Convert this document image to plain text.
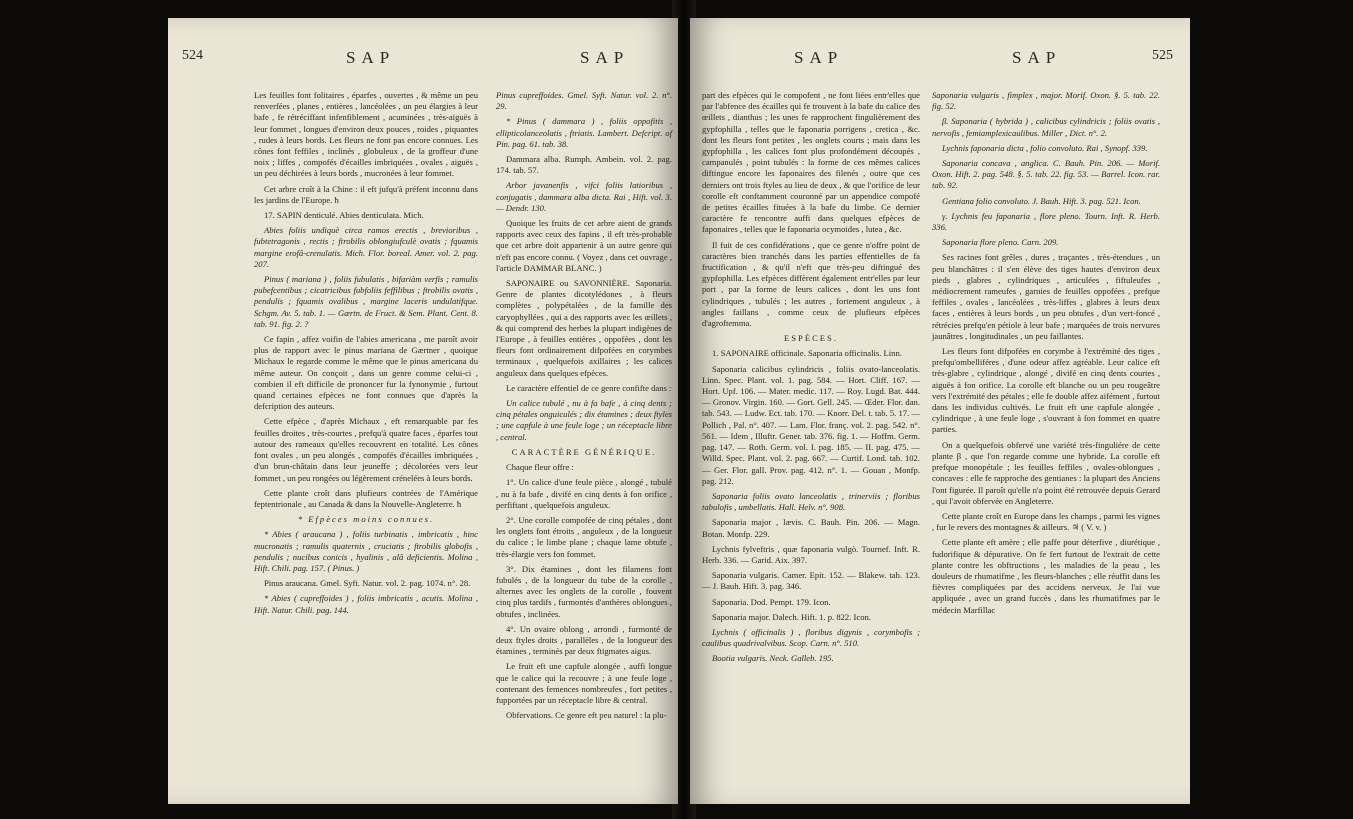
524	SAP	SAP

Les feuilles font folitaires , éparfes , ouvertes , & même un peu renverfées , planes , entières , lancéolées , un peu élargies à leur bafe , fe rétréciffant infenfiblement , acuminées , très-aiguës à leur fommet , longues d'environ deux pouces , roides , piquantes , rudes à leurs bords. Les fleurs ne font pas encore connues. Les cônes font feffiles , inclinés , globuleux , de la groffeur d'une noix ; liffes , compofés d'écailles imbriquées , ovales , aiguës , un peu déchirées à leurs bords , mucronées à leur fommet.

Cet arbre croît à la Chine : il eft jufqu'à préfent inconnu dans les jardins de l'Europe. ħ

17. SAPIN denticulé. Abies denticulata. Mich.

Abies foliis undiquè circa ramos erectis , brevioribus , fubtetragonis , rectis ; ftrobilis oblongiufculè ovatis ; fquamis margine erofâ-crenulatis. Mich. Flor. boreal. Amer. vol. 2. pag. 207.

Pinus ( mariana ) , foliis fubulatis , bifariàm verfis ; ramulis pubefcentibus ; cicatricibus fubfoliis feffilibus ; ftrobilis ovatis , pendulis ; fquamis ovalibus , margine laceris undulatifque. Schgm. Av. 5. tab. 1. — Gærtn. de Fruct. & Sem. Plant. Cent. 8. tab. 91. fig. 2. ?

Ce fapin , affez voifin de l'abies americana , me paroît avoir plus de rapport avec le pinus mariana de Gærtner , quoique Michaux le regarde comme le même que le pinus americana du même auteur. On conçoit , dans un genre comme celui-ci , combien il eft difficile de prononcer fur la fynonymie , furtout quand certaines efpèces ne font connues que d'après la defcription des auteurs.

Cette efpèce , d'après Michaux , eft remarquable par fes feuilles droites , très-courtes , prefqu'à quatre faces , éparfes tout autour des rameaux qu'elles recouvrent en totalité. Les cônes font ovales , un peu alongés , compofés d'écailles imbriquées , d'un brun-châtain dans leur jeuneffe ; décolorées vers leur fommet , un peu rongées ou légèrement crénelées à leurs bords.

Cette plante croît dans plufieurs contrées de l'Amérique feptentrionale , au Canada & dans la Nouvelle-Angleterre. ħ

* Efpèces moins connues.

* Abies ( araucana ) , foliis turbinatis , imbricatis , hinc mucronatis ; ramulis quaternis , cruciatis ; ftrobilis globofis , pendulis ; nucibus conicis , hyalinis , alâ deficientis. Molina , Hift. Chili. pag. 157. ( Pinus. )

Pinus araucana. Gmel. Syft. Natur. vol. 2. pag. 1074. n°. 28.

* Abies ( cupreffoides ) , foliis imbricatis , acutis. Molina , Hift. Natur. Chili. pag. 144.

Pinus cupreffoides. Gmel. Syft. Natur. vol. 2. n°. 29.

* Pinus ( dammara ) , foliis oppofitis , ellipticolanceolatis , ftriatis. Lambert. Defcript. of Pin. pag. 61. tab. 38.

Dammara alba. Rumph. Ambein. vol. 2. pag. 174. tab. 57.

Arbor javanenfis , vifci foliis latioribus , conjugatis , dammara alba dicta. Rai , Hift. vol. 3. — Dendr. 130.

Quoique les fruits de cet arbre aient de grands rapports avec ceux des fapins , il eft très-probable que cet arbre doit appartenir à un autre genre qui n'eft pas encore connu. ( Voyez , dans cet ouvrage , l'article DAMMAR BLANC. )

SAPONAIRE ou SAVONNIÈRE. Saponaria. Genre de plantes dicotylédones , à fleurs complètes , polypétalées , de la famille des caryophyllées , qui a des rapports avec les œillets , & qui comprend des herbes la plupart indigènes de l'Europe , à feuilles entières , oppofées , dont les fleurs font ordinairement difpofées en corymbes terminaux , quelquefois axillaires ; les calices anguleux dans quelques efpèces.

Le caractère effentiel de ce genre confifte dans :

Un calice tubulé , nu à fa bafe , à cinq dents ; cinq pétales onguiculés ; dix étamines ; deux ftyles ; une capfule à une feule loge ; un réceptacle libre , central.

CARACTÈRE GÉNÉRIQUE.

Chaque fleur offre :

1°. Un calice d'une feule pièce , alongé , tubulé , nu à fa bafe , divifé en cinq dents à fon orifice , perfiftant , quelquefois anguleux.

2°. Une corolle compofée de cinq pétales , dont les onglets font étroits , anguleux , de la longueur du calice ; le limbe plane ; chaque lame obtufe , très-élargie vers fon fommet.

3°. Dix étamines , dont les filamens font fubulés , de la longueur du tube de la corolle , alternes avec les onglets de la corolle , fouvent cinq plus tardifs , furmontés d'anthères oblongues , obtufes , inclinées.

4°. Un ovaire oblong , arrondi , furmonté de deux ftyles droits , parallèles , de la longueur des étamines , terminés par deux ftigmates aigus.

Le fruit eft une capfule alongée , auffi longue que le calice qui la recouvre ; à une feule loge , contenant des femences nombreufes , fort petites , fupportées par un réceptacle libre & central.

Obfervations. Ce genre eft peu naturel : la plu-

SAP	SAP	525

part des efpèces qui le compofent , ne font liées entr'elles que par l'abfence des écailles qui fe trouvent à la bafe du calice des œillets , dianthus ; les unes fe rapprochent fingulièrement des gypfophilla , telles que le faponaria porrigens , cretica , &c. dont les fleurs font petites , les onglets courts ; mais dans les gypfophilla , les calices font plus profondément découpés , campanulés , point tubulés : la forme de ces mêmes calices diftingue encore les faponaires des filenés , outre que ces derniers ont trois ftyles au lieu de deux , & que l'orifice de leur corolle eft conftamment couronné par un appendice compofé de petites écailles fituées à la bafe du limbe. Ce dernier caractère fe rencontre auffi dans quelques efpèces de faponaires , telles que le faponaria ocymoides , lutea , &c.

Il fuit de ces confidérations , que ce genre n'offre point de caractères bien tranchés dans les parties effentielles de fa fructification , & qu'il n'eft que très-peu diftingué des gypfophilla. Les efpèces diffèrent également entr'elles par leur port , par la forme de leurs calices , dont les uns font cylindriques , tubulés ; les autres , fortement anguleux , à angles faillans , comme ceux de plufieurs efpèces d'agroftemma.

ESPÈCES.

1. SAPONAIRE officinale. Saponaria officinalis. Linn.

Saponaria calicibus cylindricis , foliis ovato-lanceolatis. Linn. Spec. Plant. vol. 1. pag. 584. — Hort. Cliff. 167. — Hort. Upf. 106. — Mater. medic. 117. — Roy. Lugd. Bat. 444. — Gronov. Virgin. 160. — Gort. Gell. 245. — Œder. Flor. dan. tab. 543. — Ludw. Ect. tab. 170. — Knorr. Del. t. tab. 5. 17. — Pollich , Pal. n°. 407. — Lam. Flor. franç. vol. 2. pag. 542. n°. 561. — Idem , Illuftr. Gener. tab. 376. fig. 1. — Hoffm. Germ. pag. 147. — Roth. Germ. vol. I. pag. 185. — II. pag. 475. — Willd. Spec. Plant. vol. 2. pag. 667. — Curtif. Lond. tab. 102. — Ger. Flor. gall. Prov. pag. 412. n°. 1. — Gouan , Monfp. pag. 212.

Saponaria foliis ovato lanceolatis , trinerviis ; floribus tabulofis , umbellatis. Hall. Helv. n°. 908.

Saponaria major , lævis. C. Bauh. Pin. 206. — Magn. Botan. Monfp. 229.

Lychnis fylveftris , quæ faponaria vulgò. Tournef. Inft. R. Herb. 336. — Garid. Aix. 397.

Saponaria vulgaris. Camer. Epit. 152. — Blakew. tab. 123. — J. Bauh. Hift. 3. pag. 346.

Saponaria. Dod. Pempt. 179. Icon.

Saponaria major. Dalech. Hift. 1. p. 822. Icon.

Lychnis ( officinalis ) , floribus digynis , corymbofis ; caulibus quadrivalvibus. Scop. Carn. n°. 510.

Bootia vulgaris. Neck. Galleb. 195.

Saponaria vulgaris , fimplex , major. Morif. Oxon. §. 5. tab. 22. fig. 52.

β. Saponaria ( hybrida ) , calicibus cylindricis ; foliis ovatis , nervofis , femiamplexicaulibus. Miller , Dict. n°. 2.

Lychnis faponaria dicta , folio convoluto. Rai , Synopf. 339.

Saponaria concava , anglica. C. Bauh. Pin. 206. — Morif. Oxon. Hift. 2. pag. 548. §. 5. tab. 22. fig. 53. — Barrel. Icon. rar. tab. 92.

Gentiana folio convoluto. J. Bauh. Hift. 3. pag. 521. Icon.

γ. Lychnis feu faponaria , flore pleno. Tourn. Inft. R. Herb. 336.

Saponaria flore pleno. Carn. 209.

Ses racines font grêles , dures , traçantes , très-étendues , un peu blanchâtres : il s'en élève des tiges hautes d'environ deux pieds , glabres , cylindriques , articulées , fiftuleufes , médiocrement rameufes , garnies de feuilles oppofées , prefque feffiles , ovales , lancéolées , très-liffes , glabres à leurs deux faces , entières à leurs bords , un peu obtufes , d'un vert-foncé , rétrécies prefqu'en pétiole à leur bafe ; marquées de trois nervures jaunâtres , longitudinales , un peu faillantes.

Les fleurs font difpofées en corymbe à l'extrémité des tiges , prefqu'ombelliféres , d'une odeur affez agréable. Leur calice eft très-glabre , cylindrique , alongé , divifé en cinq dents courtes , aiguës à fon orifice. La corolle eft blanche ou un peu rougeâtre vers l'extrémité des pétales ; elle fe double affez aifément , furtout dans les individus cultivés. Le fruit eft une capfule alongée , cylindrique , à une feule loge , s'ouvrant à fon fommet en quatre parties.

On a quelquefois obfervé une variété très-finguliére de cette plante β , que l'on regarde comme une hybride. La corolle eft prefque monopétale ; les feuilles feffiles , ovales-oblongues , concaves : elle fe rapproche des gentianes : la plupart des Anciens l'ont figurée. Il paroît qu'elle n'a point été retrouvée depuis Gerard , qui l'avoit obfervée en Angleterre.

Cette plante croît en Europe dans les champs , parmi les vignes , fur le revers des montagnes & ailleurs. ♃ ( V. v. )

Cette plante eft amère ; elle paffe pour déterfive , diurétique , fudorifique & dépurative. On fe fert furtout de l'extrait de cette plante contre les obftructions , les maladies de la peau , les douleurs de rhumatifme , les fleurs-blanches ; elle réuffit dans les fièvres compliquées par des accidens nerveux. Je l'ai vue appliquée , avec un grand fuccès , dans les rhumatifmes par le médecin Marfillac
